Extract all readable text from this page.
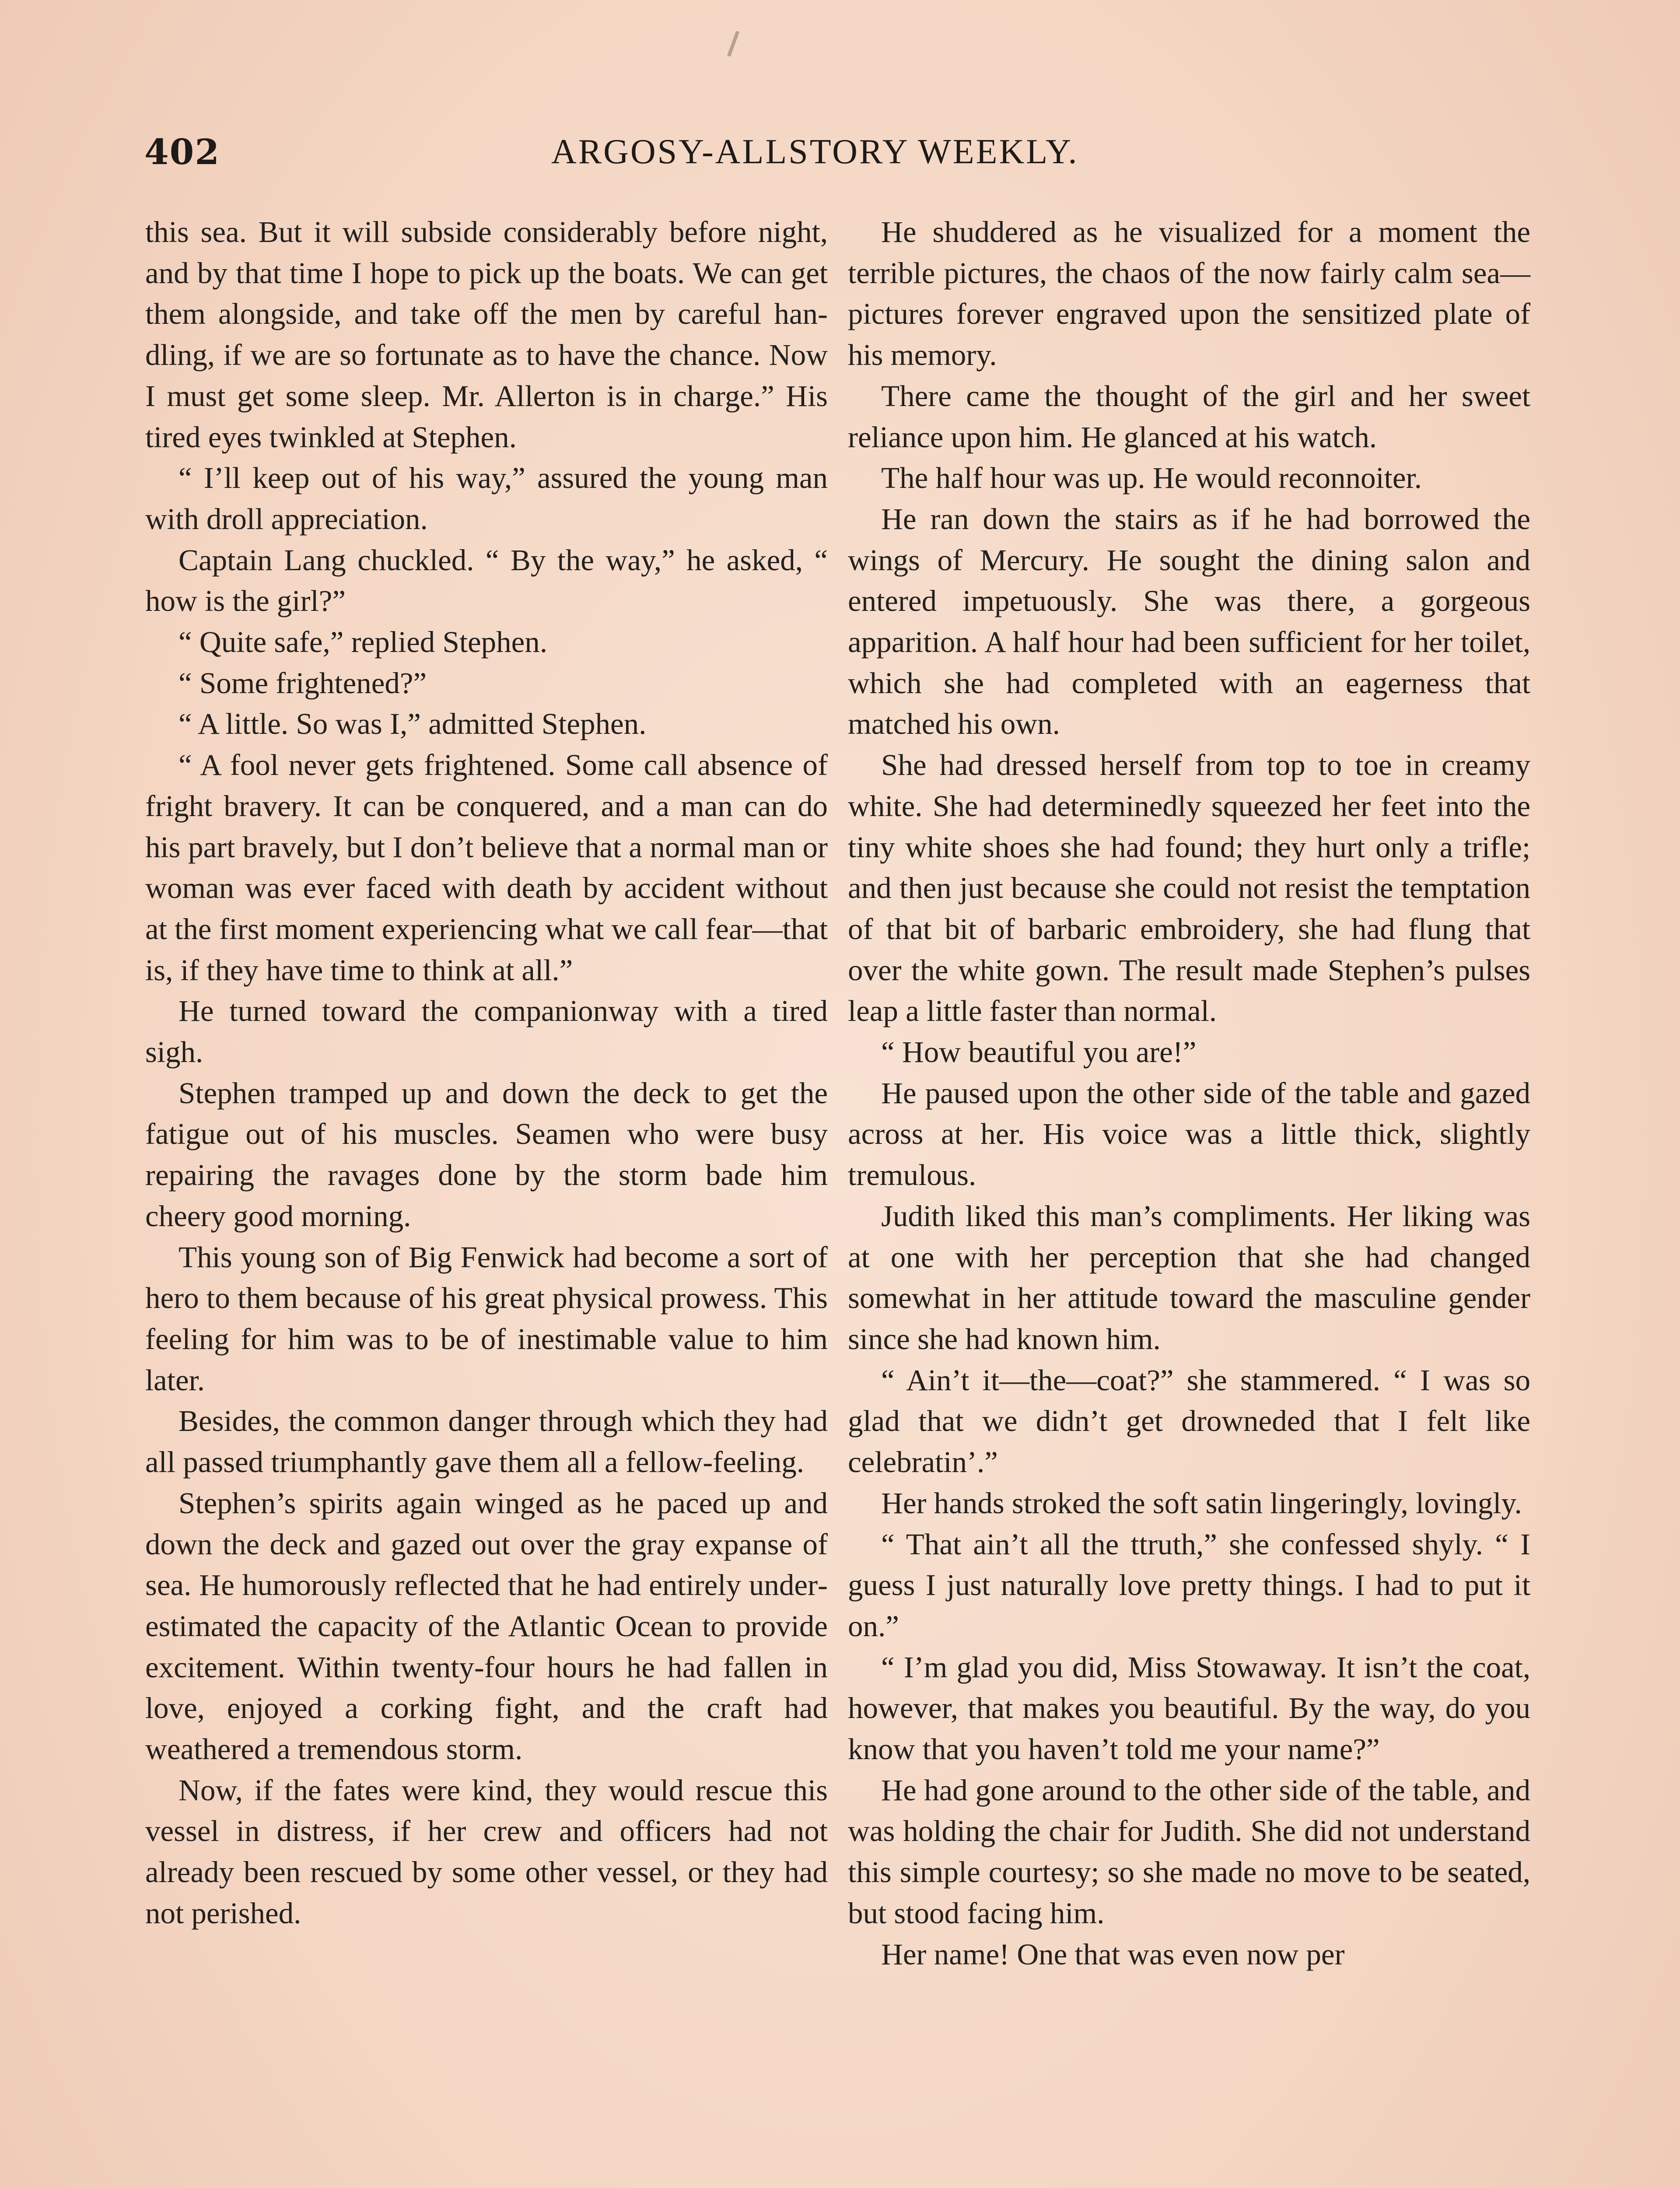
402	ARGOSY-ALLSTORY WEEKLY.

this sea. But it will subside considerably before night, and by that time I hope to pick up the boats. We can get them alongside, and take off the men by careful handling, if we are so fortunate as to have the chance. Now I must get some sleep. Mr. Allerton is in charge.” His tired eyes twinkled at Stephen.

“ I’ll keep out of his way,” assured the young man with droll appreciation.

Captain Lang chuckled. “ By the way,” he asked, “ how is the girl?”

“ Quite safe,” replied Stephen.

“ Some frightened?”

“ A little. So was I,” admitted Stephen.

“ A fool never gets frightened. Some call absence of fright bravery. It can be conquered, and a man can do his part bravely, but I don’t believe that a normal man or woman was ever faced with death by accident without at the first moment experiencing what we call fear—that is, if they have time to think at all.”

He turned toward the companionway with a tired sigh.

Stephen tramped up and down the deck to get the fatigue out of his muscles. Seamen who were busy repairing the ravages done by the storm bade him cheery good morning.

This young son of Big Fenwick had become a sort of hero to them because of his great physical prowess. This feeling for him was to be of inestimable value to him later.

Besides, the common danger through which they had all passed triumphantly gave them all a fellow-feeling.

Stephen’s spirits again winged as he paced up and down the deck and gazed out over the gray expanse of sea. He humorously reflected that he had entirely underestimated the capacity of the Atlantic Ocean to provide excitement. Within twenty-four hours he had fallen in love, enjoyed a corking fight, and the craft had weathered a tremendous storm.

Now, if the fates were kind, they would rescue this vessel in distress, if her crew and officers had not already been rescued by some other vessel, or they had not perished.

He shuddered as he visualized for a moment the terrible pictures, the chaos of the now fairly calm sea—pictures forever engraved upon the sensitized plate of his memory.

There came the thought of the girl and her sweet reliance upon him. He glanced at his watch.

The half hour was up. He would reconnoiter.

He ran down the stairs as if he had borrowed the wings of Mercury. He sought the dining salon and entered impetuously. She was there, a gorgeous apparition. A half hour had been sufficient for her toilet, which she had completed with an eagerness that matched his own.

She had dressed herself from top to toe in creamy white. She had determinedly squeezed her feet into the tiny white shoes she had found; they hurt only a trifle; and then just because she could not resist the temptation of that bit of barbaric embroidery, she had flung that over the white gown. The result made Stephen’s pulses leap a little faster than normal.

“ How beautiful you are!”

He paused upon the other side of the table and gazed across at her. His voice was a little thick, slightly tremulous.

Judith liked this man’s compliments. Her liking was at one with her perception that she had changed somewhat in her attitude toward the masculine gender since she had known him.

“ Ain’t it—the—coat?” she stammered. “ I was so glad that we didn’t get drowneded that I felt like celebratin’.”

Her hands stroked the soft satin lingeringly, lovingly.

“ That ain’t all the ttruth,” she confessed shyly. “ I guess I just naturally love pretty things. I had to put it on.”

“ I’m glad you did, Miss Stowaway. It isn’t the coat, however, that makes you beautiful. By the way, do you know that you haven’t told me your name?”

He had gone around to the other side of the table, and was holding the chair for Judith. She did not understand this simple courtesy; so she made no move to be seated, but stood facing him.

Her name! One that was even now per
